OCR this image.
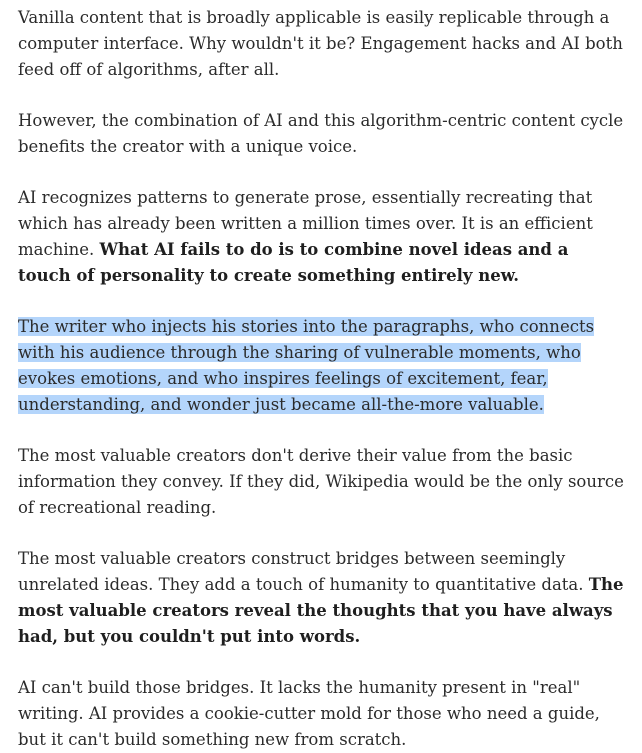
Vanilla content that is broadly applicable is easily replicable through a computer interface. Why wouldn't it be? Engagement hacks and AI both feed off of algorithms, after all.

However, the combination of AI and this algorithm-centric content cycle benefits the creator with a unique voice.

AI recognizes patterns to generate prose, essentially recreating that which has already been written a million times over. It is an efficient machine. What AI fails to do is to combine novel ideas and a touch of personality to create something entirely new.

The writer who injects his stories into the paragraphs, who connects with his audience through the sharing of vulnerable moments, who evokes emotions, and who inspires feelings of excitement, fear, understanding, and wonder just became all-the-more valuable.

The most valuable creators don't derive their value from the basic information they convey. If they did, Wikipedia would be the only source of recreational reading.

The most valuable creators construct bridges between seemingly unrelated ideas. They add a touch of humanity to quantitative data. The most valuable creators reveal the thoughts that you have always had, but you couldn't put into words.

AI can't build those bridges. It lacks the humanity present in "real" writing. AI provides a cookie-cutter mold for those who need a guide, but it can't build something new from scratch.
